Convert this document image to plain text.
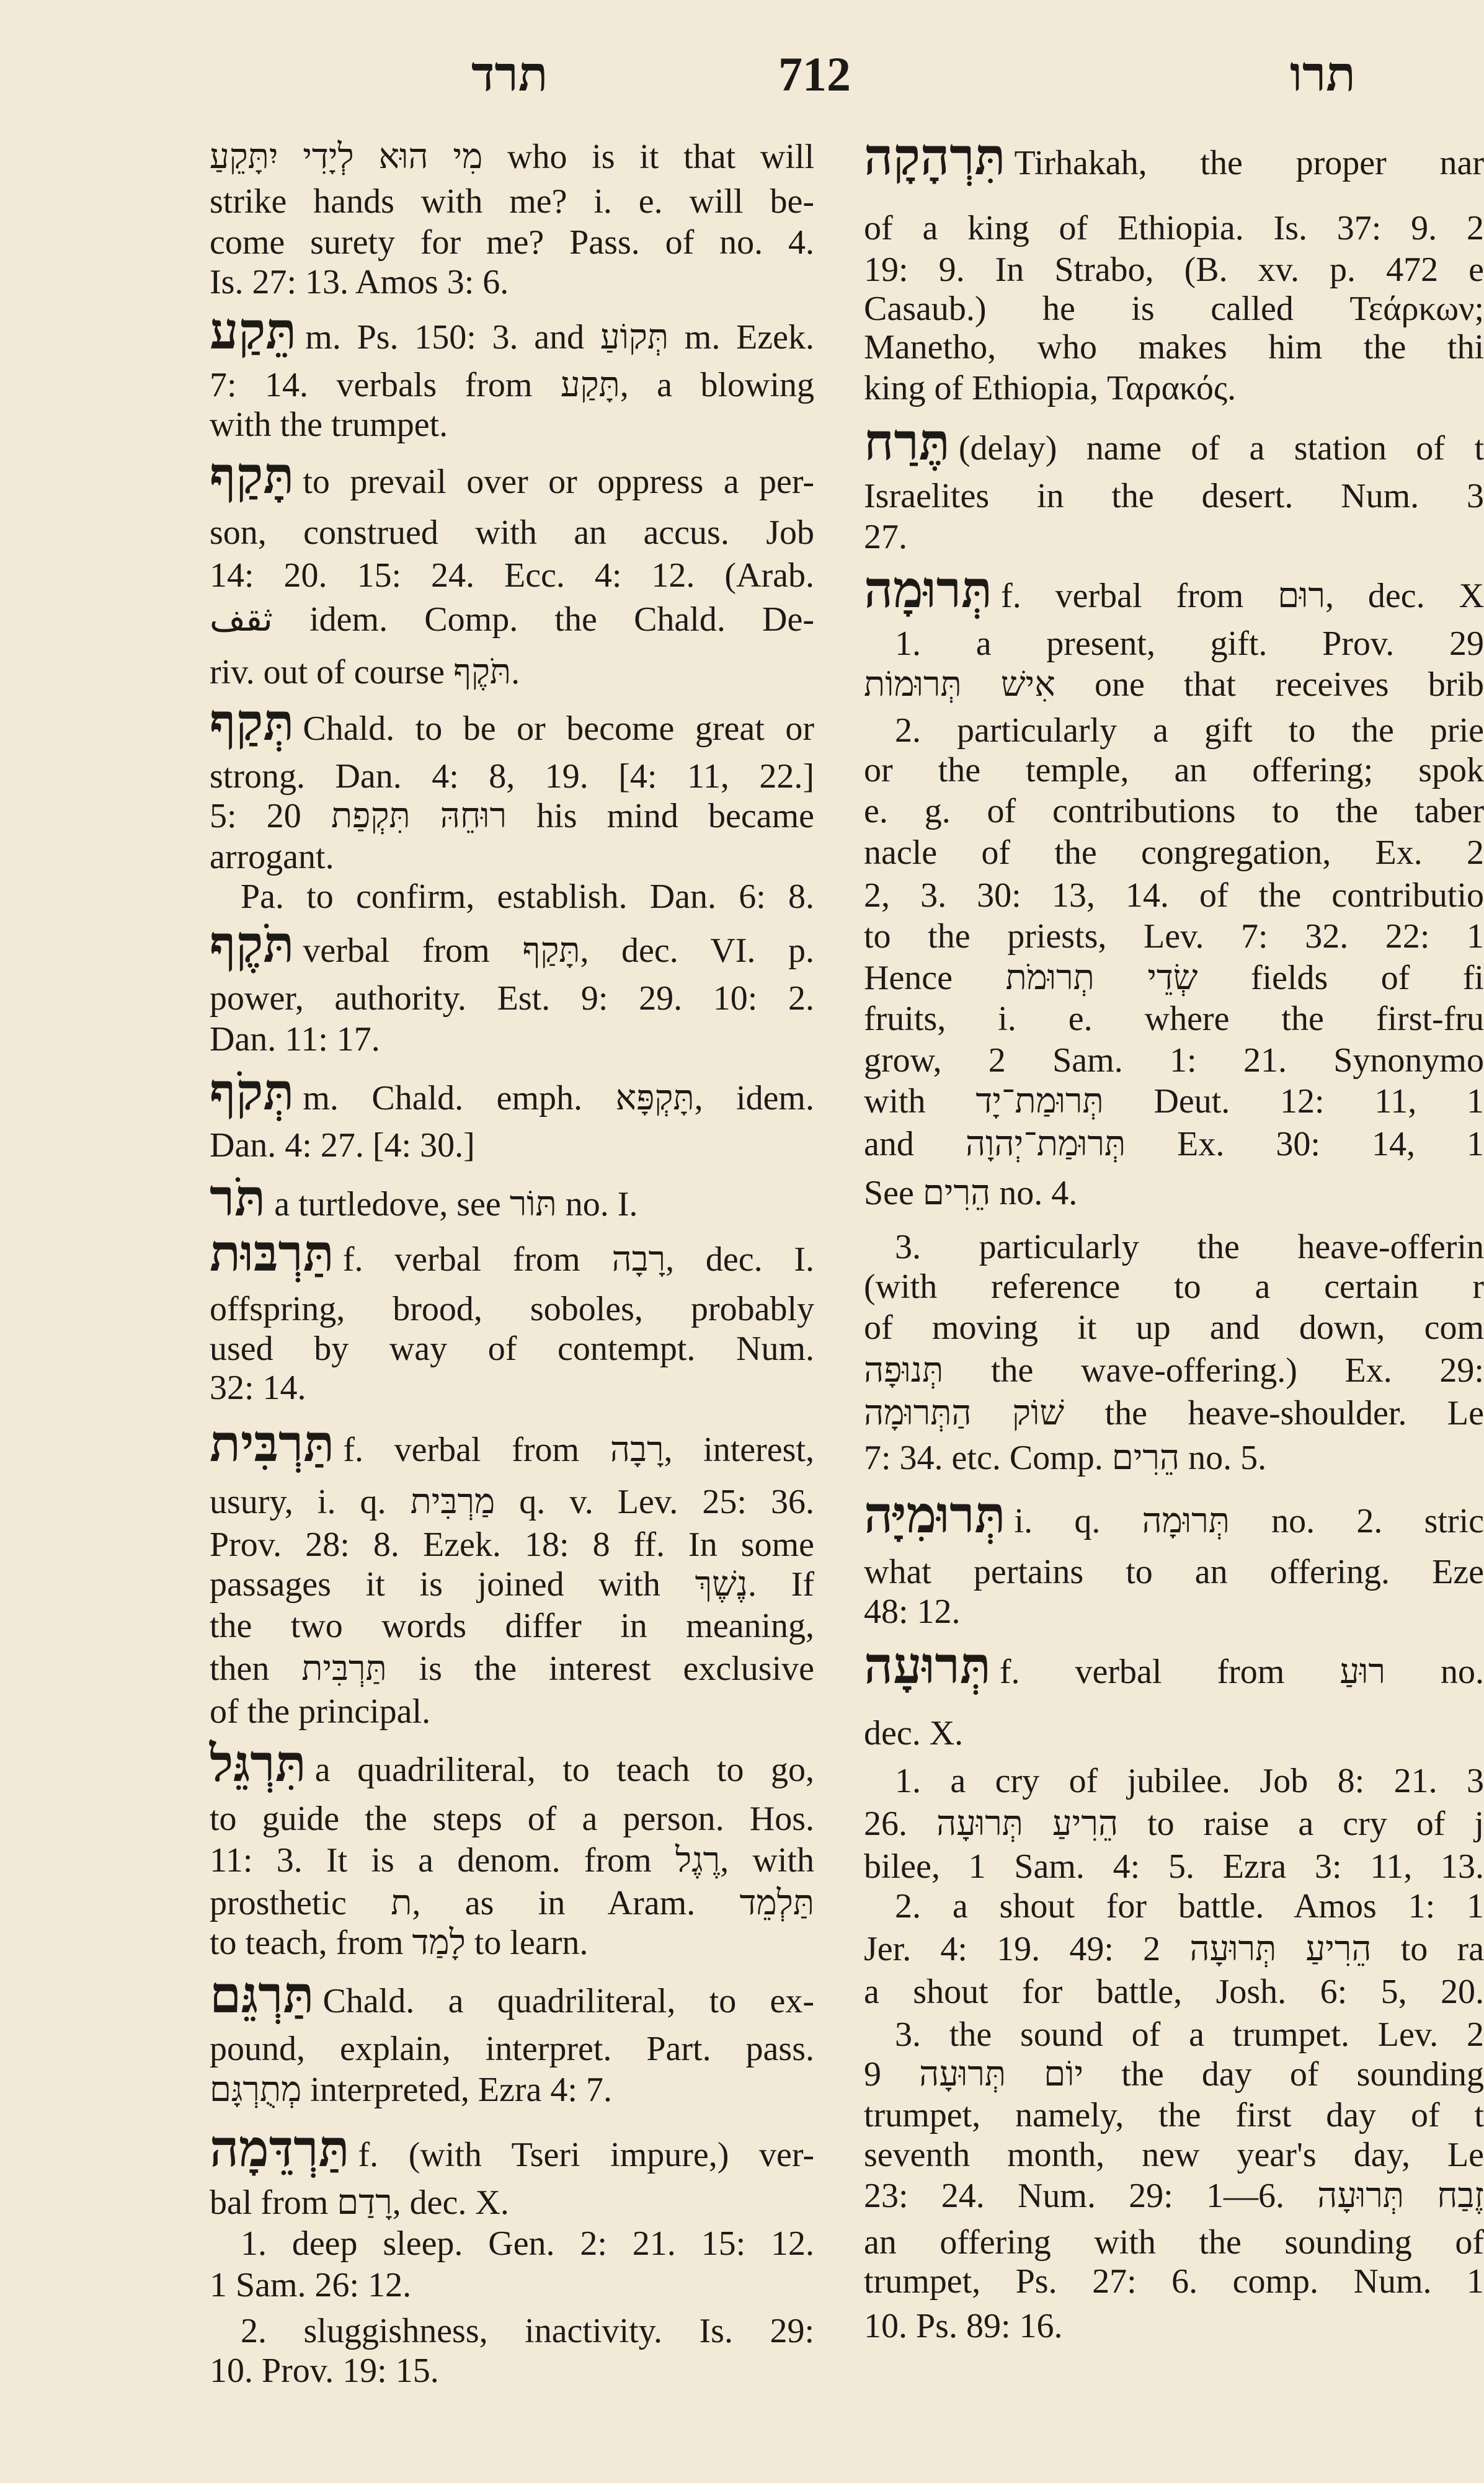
תרד	712	תרו
מִי הוּא לְיָדִי יִתָּקֵעַ who is it that will
strike hands with me? i. e. will be-
come surety for me? Pass. of no. 4.
Is. 27: 13. Amos 3: 6.
תֵּקַע m. Ps. 150: 3. and תְּקוֹעַ m. Ezek.
7: 14. verbals from תָּקַע, a blowing
with the trumpet.
תָּקַף to prevail over or oppress a per-
son, construed with an accus. Job
14: 20. 15: 24. Ecc. 4: 12. (Arab.
ثقف idem. Comp. the Chald. De-
riv. out of course תֹּקֶף.
תְּקַף Chald. to be or become great or
strong. Dan. 4: 8, 19. [4: 11, 22.]
5: 20 רוּחֵהּ תִּקְפַת his mind became
arrogant.
Pa. to confirm, establish. Dan. 6: 8.
תֹּקֶף verbal from תָּקַף, dec. VI. p.
power, authority. Est. 9: 29. 10: 2.
Dan. 11: 17.
תְּקֹף m. Chald. emph. תָּקְפָּא, idem.
Dan. 4: 27. [4: 30.]
תֹּר a turtledove, see תּוֹר no. I.
תַּרְבּוּת f. verbal from רָבָה, dec. I.
offspring, brood, soboles, probably
used by way of contempt. Num.
32: 14.
תַּרְבִּית f. verbal from רָבָה, interest,
usury, i. q. מַרְבִּית q. v. Lev. 25: 36.
Prov. 28: 8. Ezek. 18: 8 ff. In some
passages it is joined with נֶשֶׁךְ. If
the two words differ in meaning,
then תַּרְבִּית is the interest exclusive
of the principal.
תִּרְגֵּל a quadriliteral, to teach to go,
to guide the steps of a person. Hos.
11: 3. It is a denom. from רֶגֶל, with
prosthetic ת, as in Aram. תַּלְמֵד
to teach, from לָמַד to learn.
תַּרְגֵּם Chald. a quadriliteral, to ex-
pound, explain, interpret. Part. pass.
מְתֻרְגָּם interpreted, Ezra 4: 7.
תַּרְדֵּמָה f. (with Tseri impure,) ver-
bal from רָדַם, dec. X.
1. deep sleep. Gen. 2: 21. 15: 12.
1 Sam. 26: 12.
2. sluggishness, inactivity. Is. 29:
10. Prov. 19: 15.
תִּרְהָקָה Tirhakah, the proper nar
of a king of Ethiopia. Is. 37: 9. 2
19: 9. In Strabo, (B. xv. p. 472 e
Casaub.) he is called Τεάρκων;
Manetho, who makes him the thi
king of Ethiopia, Ταρακός.
תֶּרַח (delay) name of a station of t
Israelites in the desert. Num. 3
27.
תְּרוּמָה f. verbal from רוּם, dec. X
1. a present, gift. Prov. 29
אִישׁ תְּרוּמוֹת one that receives brib
2. particularly a gift to the prie
or the temple, an offering; spok
e. g. of contributions to the taber
nacle of the congregation, Ex. 2
2, 3. 30: 13, 14. of the contributio
to the priests, Lev. 7: 32. 22: 1
Hence שְׂדֵי תְרוּמֹת fields of fi
fruits, i. e. where the first-fru
grow, 2 Sam. 1: 21. Synonymo
with תְּרוּמַת־יָד Deut. 12: 11, 1
and תְּרוּמַת־יְהוָה Ex. 30: 14, 1
See הֵרִים no. 4.
3. particularly the heave-offerin
(with reference to a certain r
of moving it up and down, com
תְּנוּפָה the wave-offering.) Ex. 29:
שׁוֹק הַתְּרוּמָה the heave-shoulder. Le
7: 34. etc. Comp. הֵרִים no. 5.
תְּרוּמִיָּה i. q. תְּרוּמָה no. 2. stric
what pertains to an offering. Eze
48: 12.
תְּרוּעָה f. verbal from רוּעַ no.
dec. X.
1. a cry of jubilee. Job 8: 21. 3
26. הֵרִיעַ תְּרוּעָה to raise a cry of j
bilee, 1 Sam. 4: 5. Ezra 3: 11, 13.
2. a shout for battle. Amos 1: 1
Jer. 4: 19. 49: 2 הֵרִיעַ תְּרוּעָה to ra
a shout for battle, Josh. 6: 5, 20.
3. the sound of a trumpet. Lev. 2
9 יוֹם תְּרוּעָה the day of sounding
trumpet, namely, the first day of t
seventh month, new year's day, Le
23: 24. Num. 29: 1—6. זֶבַח תְּרוּעָה
an offering with the sounding of
trumpet, Ps. 27: 6. comp. Num. 1
10. Ps. 89: 16.
